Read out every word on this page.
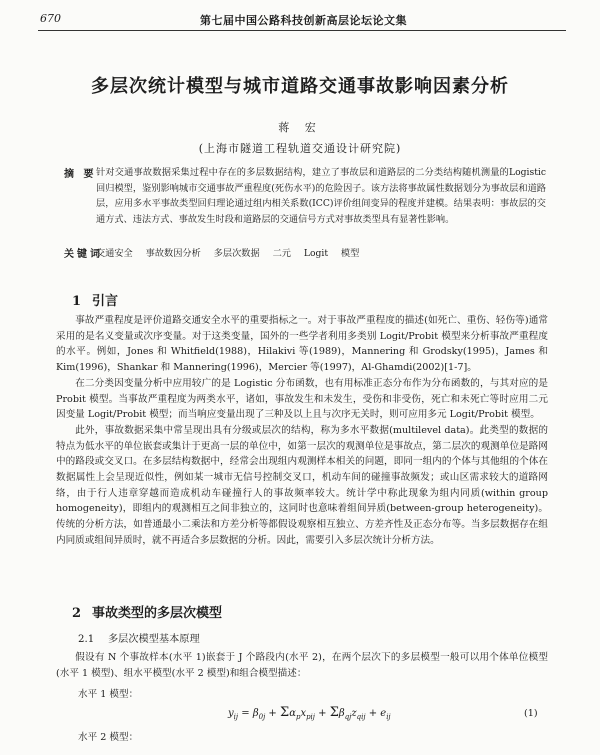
670	第七届中国公路科技创新高层论坛论文集
多层次统计模型与城市道路交通事故影响因素分析
蒋 宏
(上海市隧道工程轨道交通设计研究院)
摘 要 针对交通事故数据采集过程中存在的多层数据结构，建立了事故层和道路层的二分类结构随机测量的Logistic回归模型，鉴别影响城市交通事故严重程度(死伤水平)的危险因子。该方法将事故属性数据划分为事故层和道路层，应用多水平事故类型回归理论通过组内相关系数(ICC)评价组间变异的程度并建模。结果表明：事故层的交通方式、违法方式、事故发生时段和道路层的交通信号方式对事故类型具有显著性影响。
关键词
交通安全 事故数因分析 多层次数据 二元 Logit 模型
1 引言

事故严重程度是评价道路交通安全水平的重要指标之一。对于事故严重程度的描述(如死亡、重伤、轻伤等)通常采用的是名义变量或次序变量。对于这类变量，国外的一些学者利用多类别 Logit/Probit 模型来分析事故严重程度的水平。例如，Jones 和 Whitfield(1988)，Hilakivi 等(1989)，Mannering 和 Grodsky(1995)，James 和 Kim(1996)，Shankar 和 Mannering(1996)，Mercier 等(1997)，Al-Ghamdi(2002)[1-7]。

在二分类因变量分析中应用较广的是 Logistic 分布函数，也有用标准正态分布作为分布函数的，与其对应的是 Probit 模型。当事故严重程度为两类水平，诸如，事故发生和未发生，受伤和非受伤，死亡和未死亡等时应用二元因变量 Logit/Probit 模型；而当响应变量出现了三种及以上且与次序无关时，则可应用多元 Logit/Probit 模型。

此外，事故数据采集中常呈现出具有分级或层次的结构，称为多水平数据(multilevel data)。此类型的数据的特点为低水平的单位嵌套或集计于更高一层的单位中，如第一层次的观测单位是事故点，第二层次的观测单位是路网中的路段或交叉口。在多层结构数据中，经常会出现组内观测样本相关的问题，即同一组内的个体与其他组的个体在数据属性上会呈现近似性，例如某一城市无信号控制交叉口，机动车间的碰撞事故频发；或山区需求较大的道路网络，由于行人违章穿越而造成机动车碰撞行人的事故频率较大。统计学中称此现象为组内同质(within group homogeneity)，即组内的观测相互之间非独立的，这同时也意味着组间异质(between-group heterogeneity)。传统的分析方法，如普通最小二乘法和方差分析等都假设观察相互独立、方差齐性及正态分布等。当多层数据存在组内同质或组间异质时，就不再适合多层数据的分析。因此，需要引入多层次统计分析方法。

2 事故类型的多层次模型
2.1 多层次模型基本原理

假设有 N 个事故样本(水平 1)嵌套于 J 个路段内(水平 2)，在两个层次下的多层模型一般可以用个体单位模型(水平 1 模型)、组水平模型(水平 2 模型)和组合模型描述：

水平 1 模型：
$y_{ij} = \beta_{0j} + \Sigma\alpha_px_{pij} + \Sigma\beta_{qj}z_{qij} + e_{ij}$	(1)
水平 2 模型：
